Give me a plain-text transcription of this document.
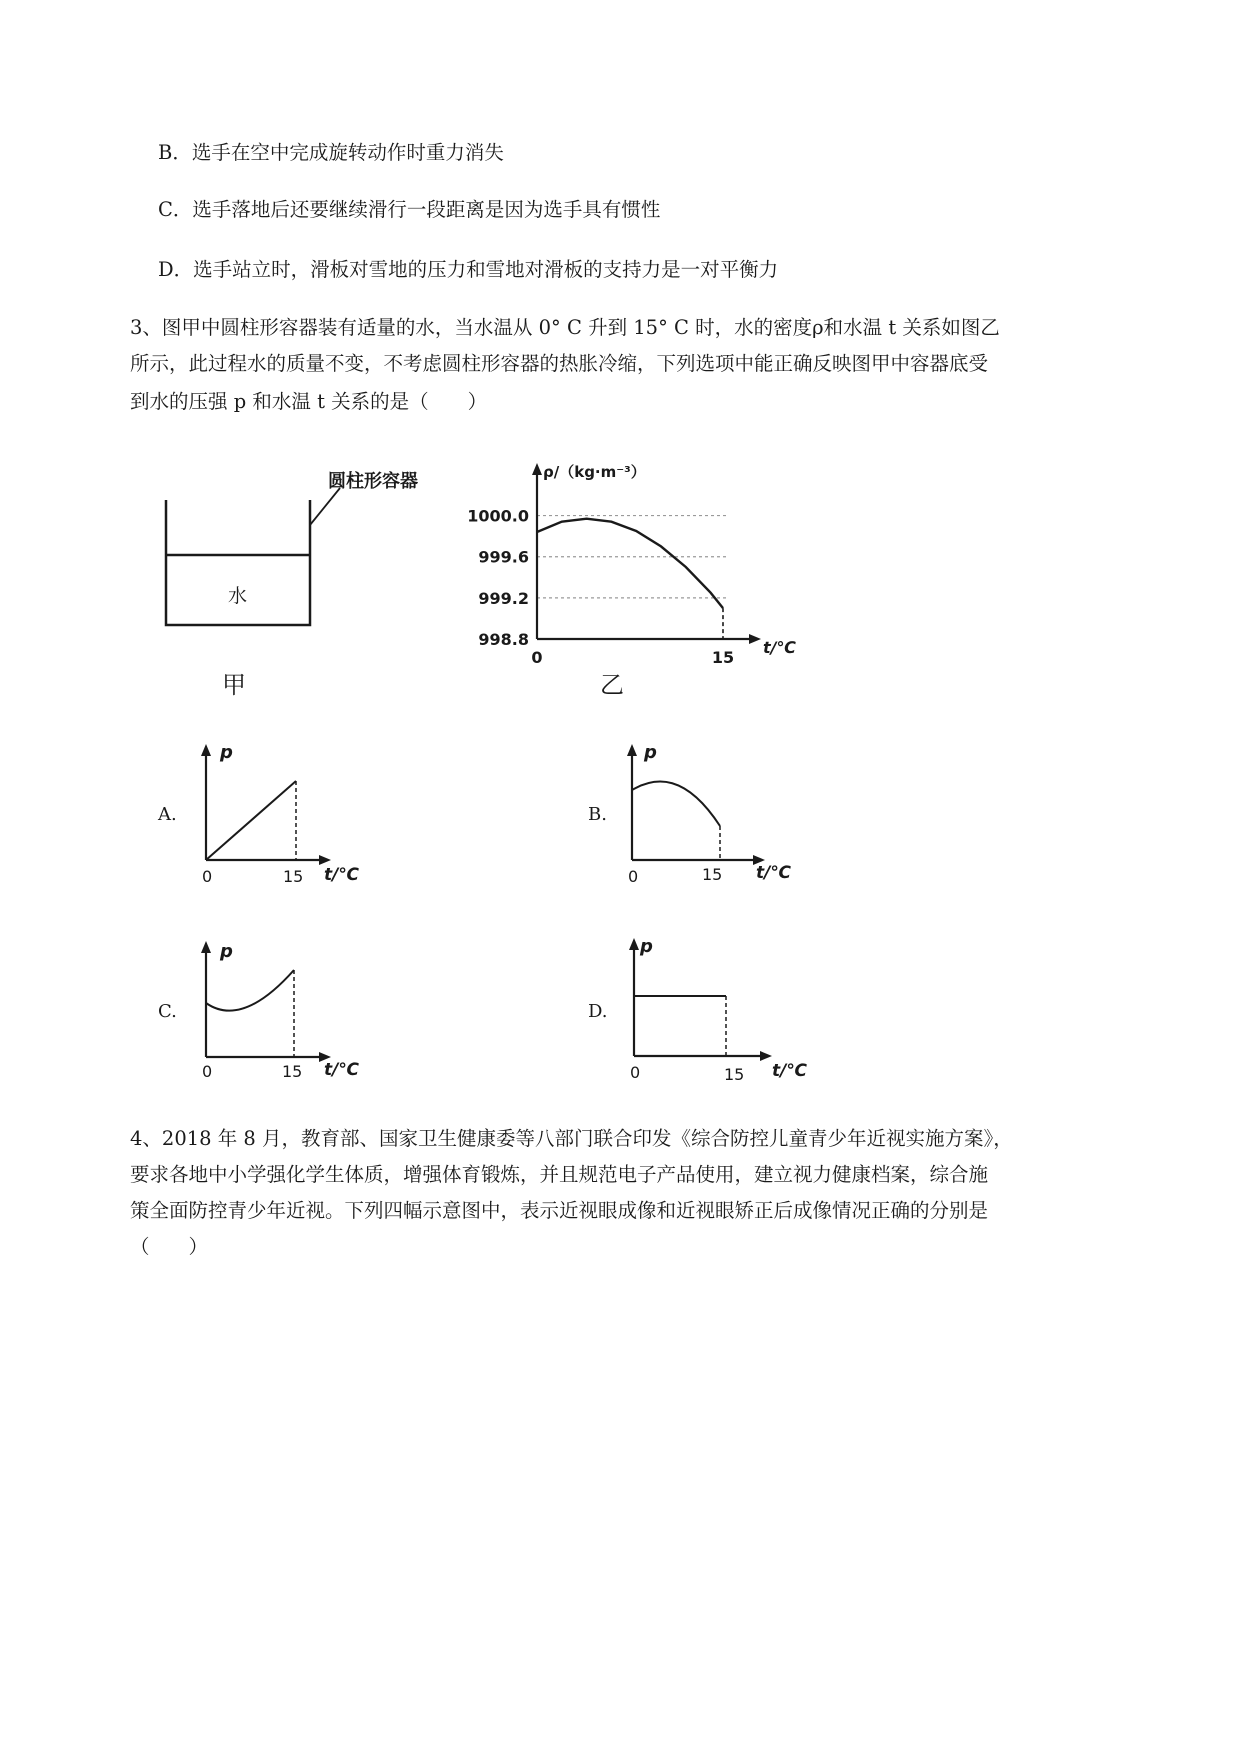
B．选手在空中完成旋转动作时重力消失
C．选手落地后还要继续滑行一段距离是因为选手具有惯性
D．选手站立时，滑板对雪地的压力和雪地对滑板的支持力是一对平衡力
3、图甲中圆柱形容器装有适量的水，当水温从 0° C 升到 15° C 时，水的密度ρ和水温 t 关系如图乙
所示，此过程水的质量不变，不考虑圆柱形容器的热胀冷缩，下列选项中能正确反映图甲中容器底受
到水的压强 p 和水温 t 关系的是（　　）
圆柱形容器
水
甲
ρ/（kg·m⁻³）
t/℃
998.8
999.2
999.6
1000.0
0	15
乙
A.
p
t/℃
0	15
B.
p
t/℃
0	15
C.
p
t/℃
0	15
D.
p
t/℃
0	15
4、2018 年 8 月，教育部、国家卫生健康委等八部门联合印发《综合防控儿童青少年近视实施方案》，
要求各地中小学强化学生体质，增强体育锻炼，并且规范电子产品使用，建立视力健康档案，综合施
策全面防控青少年近视。下列四幅示意图中，表示近视眼成像和近视眼矫正后成像情况正确的分别是
（　　）
